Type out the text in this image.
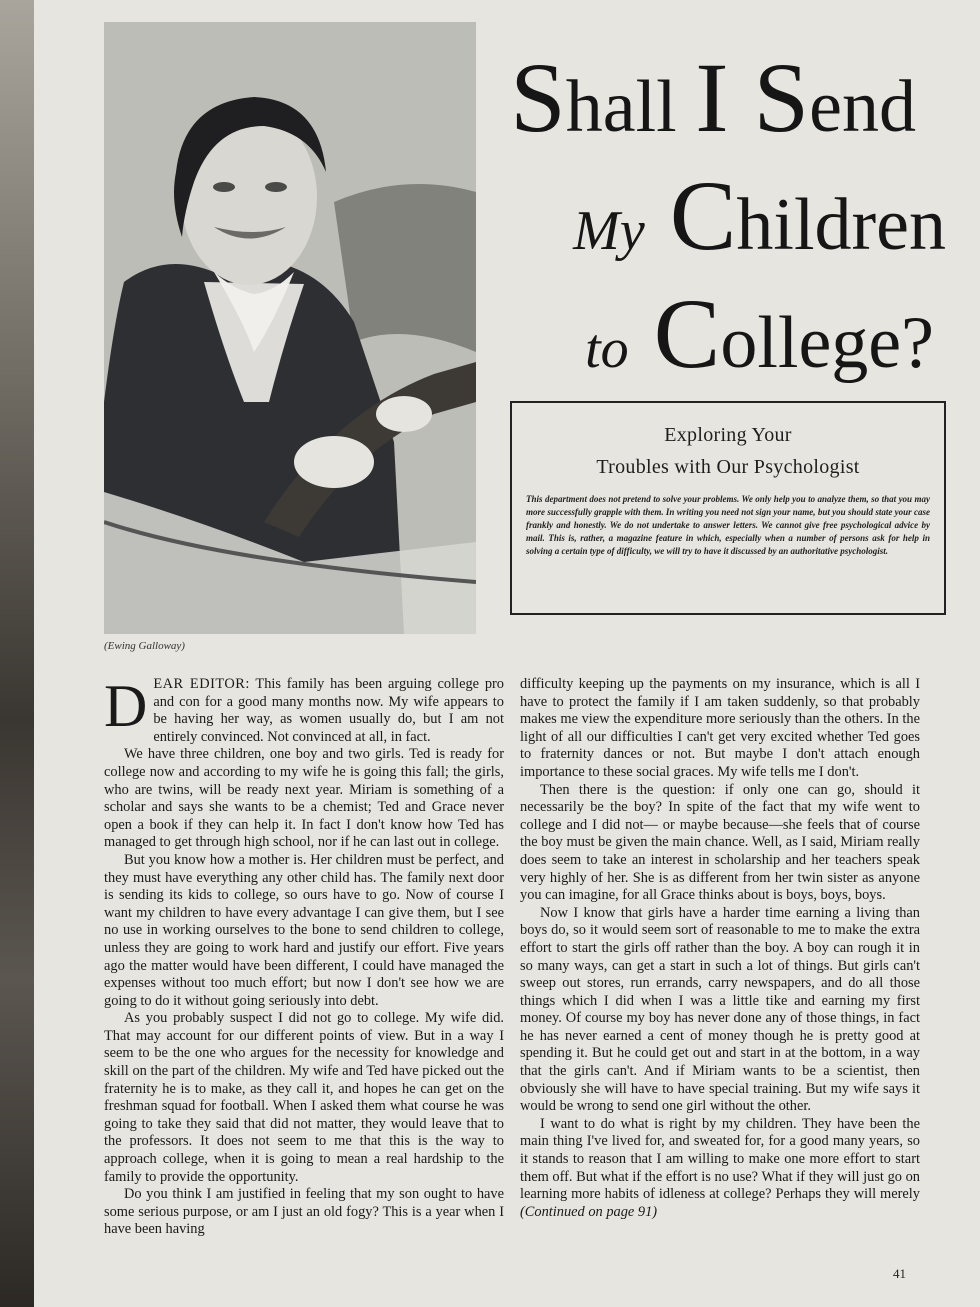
(Ewing Galloway)
Shall I Send
My Children
to College?
Exploring Your
Troubles with Our Psychologist
This department does not pretend to solve your problems. We only help you to analyze them, so that you may more successfully grapple with them. In writing you need not sign your name, but you should state your case frankly and honestly. We do not undertake to answer letters. We cannot give free psychological advice by mail. This is, rather, a magazine feature in which, especially when a number of persons ask for help in solving a certain type of difficulty, we will try to have it discussed by an authoritative psychologist.

DEAR EDITOR: This family has been arguing college pro and con for a good many months now. My wife appears to be having her way, as women usually do, but I am not entirely convinced. Not convinced at all, in fact.

We have three children, one boy and two girls. Ted is ready for college now and according to my wife he is going this fall; the girls, who are twins, will be ready next year. Miriam is something of a scholar and says she wants to be a chemist; Ted and Grace never open a book if they can help it. In fact I don't know how Ted has managed to get through high school, nor if he can last out in college.

But you know how a mother is. Her children must be perfect, and they must have everything any other child has. The family next door is sending its kids to college, so ours have to go. Now of course I want my children to have every advantage I can give them, but I see no use in working ourselves to the bone to send children to college, unless they are going to work hard and justify our effort. Five years ago the matter would have been different, I could have managed the expenses without too much effort; but now I don't see how we are going to do it without going seriously into debt.

As you probably suspect I did not go to college. My wife did. That may account for our different points of view. But in a way I seem to be the one who argues for the necessity for knowledge and skill on the part of the children. My wife and Ted have picked out the fraternity he is to make, as they call it, and hopes he can get on the freshman squad for football. When I asked them what course he was going to take they said that did not matter, they would leave that to the professors. It does not seem to me that this is the way to approach college, when it is going to mean a real hardship to the family to provide the opportunity.

Do you think I am justified in feeling that my son ought to have some serious purpose, or am I just an old fogy? This is a year when I have been having

difficulty keeping up the payments on my insurance, which is all I have to protect the family if I am taken suddenly, so that probably makes me view the expenditure more seriously than the others. In the light of all our difficulties I can't get very excited whether Ted goes to fraternity dances or not. But maybe I don't attach enough importance to these social graces. My wife tells me I don't.

Then there is the question: if only one can go, should it necessarily be the boy? In spite of the fact that my wife went to college and I did not— or maybe because—she feels that of course the boy must be given the main chance. Well, as I said, Miriam really does seem to take an interest in scholarship and her teachers speak very highly of her. She is as different from her twin sister as anyone you can imagine, for all Grace thinks about is boys, boys, boys.

Now I know that girls have a harder time earning a living than boys do, so it would seem sort of reasonable to me to make the extra effort to start the girls off rather than the boy. A boy can rough it in so many ways, can get a start in such a lot of things. But girls can't sweep out stores, run errands, carry newspapers, and do all those things which I did when I was a little tike and earning my first money. Of course my boy has never done any of those things, in fact he has never earned a cent of money though he is pretty good at spending it. But he could get out and start in at the bottom, in a way that the girls can't. And if Miriam wants to be a scientist, then obviously she will have to have special training. But my wife says it would be wrong to send one girl without the other.

I want to do what is right by my children. They have been the main thing I've lived for, and sweated for, for a good many years, so it stands to reason that I am willing to make one more effort to start them off. But what if the effort is no use? What if they will just go on learning more habits of idleness at college? Perhaps they will merely (Continued on page 91)

41
